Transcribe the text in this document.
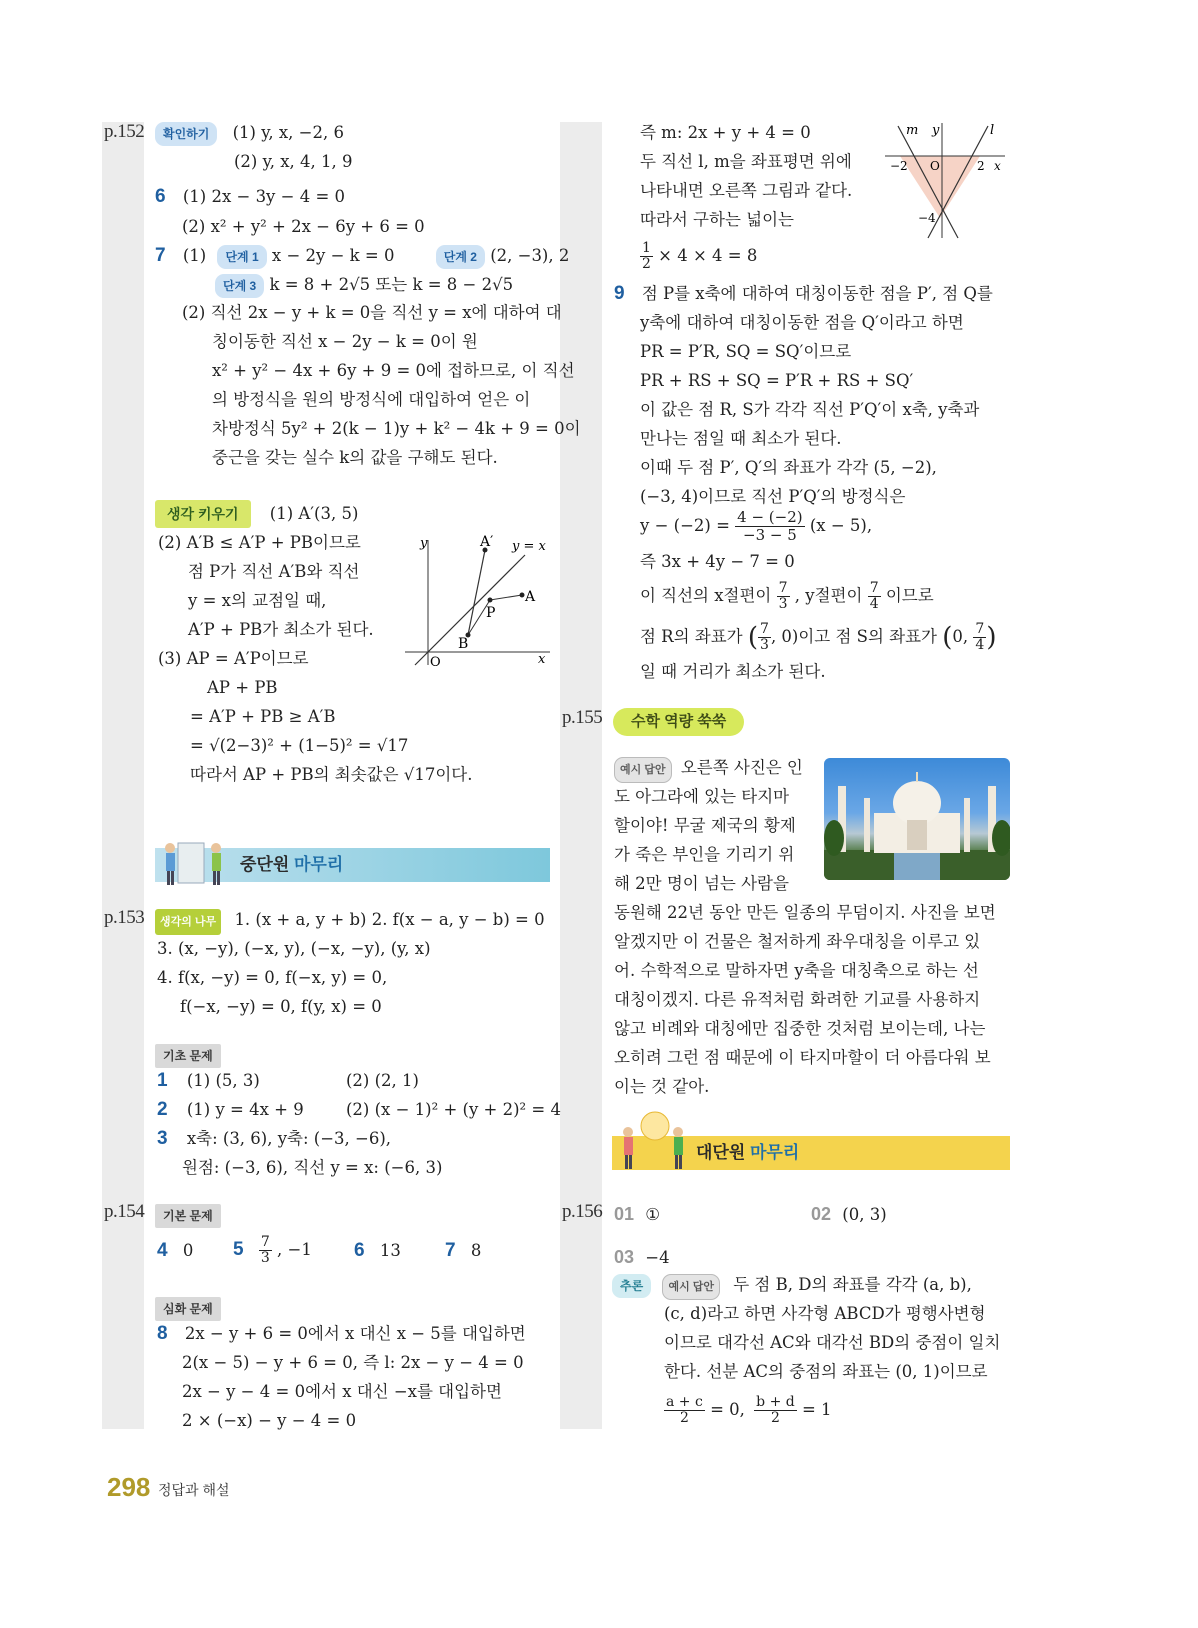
p.152	확인하기 (1) y, x, −2, 6
(2) y, x, 4, 1, 9
6 (1) 2x − 3y − 4 = 0
(2) x² + y² + 2x − 6y + 6 = 0
7 (1) 단계 1 x − 2y − k = 0	단계 2 (2, −3), 2
단계 3 k = 8 + 2√5 또는 k = 8 − 2√5
(2) 직선 2x − y + k = 0을 직선 y = x에 대하여 대
칭이동한 직선 x − 2y − k = 0이 원
x² + y² − 4x + 6y + 9 = 0에 접하므로, 이 직선
의 방정식을 원의 방정식에 대입하여 얻은 이
차방정식 5y² + 2(k − 1)y + k² − 4k + 9 = 0이
중근을 갖는 실수 k의 값을 구해도 된다.
생각 키우기 (1) A′(3, 5)
(2) A′B ≤ A′P + PB이므로
점 P가 직선 A′B와 직선
y = x의 교점일 때,
A′P + PB가 최소가 된다.
(3) AP = A′P이므로
AP + PB
= A′P + PB ≥ A′B
= √(2−3)² + (1−5)² = √17
따라서 AP + PB의 최솟값은 √17이다.
y
x
O
A′
A
P
B
y = x
중단원 마무리
p.153	생각의 나무 1. (x + a, y + b) 2. f(x − a, y − b) = 0
3. (x, −y), (−x, y), (−x, −y), (y, x)
4. f(x, −y) = 0, f(−x, y) = 0,
f(−x, −y) = 0, f(y, x) = 0
기초 문제
1 (1) (5, 3)	(2) (2, 1)
2 (1) y = 4x + 9	(2) (x − 1)² + (y + 2)² = 4
3 x축: (3, 6), y축: (−3, −6),
원점: (−3, 6), 직선 y = x: (−6, 3)
p.154	기본 문제
4 0 $5 \frac{7}{3}$ , −1 6 13 7 8
심화 문제
8 2x − y + 6 = 0에서 x 대신 x − 5를 대입하면
2(x − 5) − y + 6 = 0, 즉 l: 2x − y − 4 = 0
2x − y − 4 = 0에서 x 대신 −x를 대입하면
2 × (−x) − y − 4 = 0
즉 m: 2x + y + 4 = 0
두 직선 l, m을 좌표평면 위에
나타내면 오른쪽 그림과 같다.
따라서 구하는 넓이는
$\frac{1}{2} \times 4 \times 4 = 8$
m y	l
−2 O	2 x
−4
9 점 P를 x축에 대하여 대칭이동한 점을 P′, 점 Q를
y축에 대하여 대칭이동한 점을 Q′이라고 하면
PR = P′R, SQ = SQ′이므로
PR + RS + SQ = P′R + RS + SQ′
이 값은 점 R, S가 각각 직선 P′Q′이 x축, y축과
만나는 점일 때 최소가 된다.
이때 두 점 P′, Q′의 좌표가 각각 (5, −2),
(−3, 4)이므로 직선 P′Q′의 방정식은
$y - (-2) = \frac{4 - (-2)}{-3 - 5} (x - 5)$,
즉 3x + 4y − 7 = 0
이 직선의 x절편이 $\frac{7}{3}$ , y절편이 $\frac{7}{4}$ 이므로
점 R의 좌표가 ( $\frac{7}{3}$ , 0)이고 점 S의 좌표가 (0, $\frac{7}{4}$ )
일 때 거리가 최소가 된다.
p.155	수학 역량 쑥쑥
예시 답안 오른쪽 사진은 인
도 아그라에 있는 타지마
할이야! 무굴 제국의 황제
가 죽은 부인을 기리기 위
해 2만 명이 넘는 사람을
동원해 22년 동안 만든 일종의 무덤이지. 사진을 보면
알겠지만 이 건물은 철저하게 좌우대칭을 이루고 있
어. 수학적으로 말하자면 y축을 대칭축으로 하는 선
대칭이겠지. 다른 유적처럼 화려한 기교를 사용하지
않고 비례와 대칭에만 집중한 것처럼 보이는데, 나는
오히려 그런 점 때문에 이 타지마할이 더 아름다워 보
이는 것 같아.
대단원 마무리
p.156 01 ①	02 (0, 3)
03 −4
추론 예시 답안 두 점 B, D의 좌표를 각각 (a, b),
(c, d)라고 하면 사각형 ABCD가 평행사변형
이므로 대각선 AC와 대각선 BD의 중점이 일치
한다. 선분 AC의 중점의 좌표는 (0, 1)이므로
$\frac{a + c}{2} = 0$, $\frac{b + d}{2} = 1$
298 정답과 해설
